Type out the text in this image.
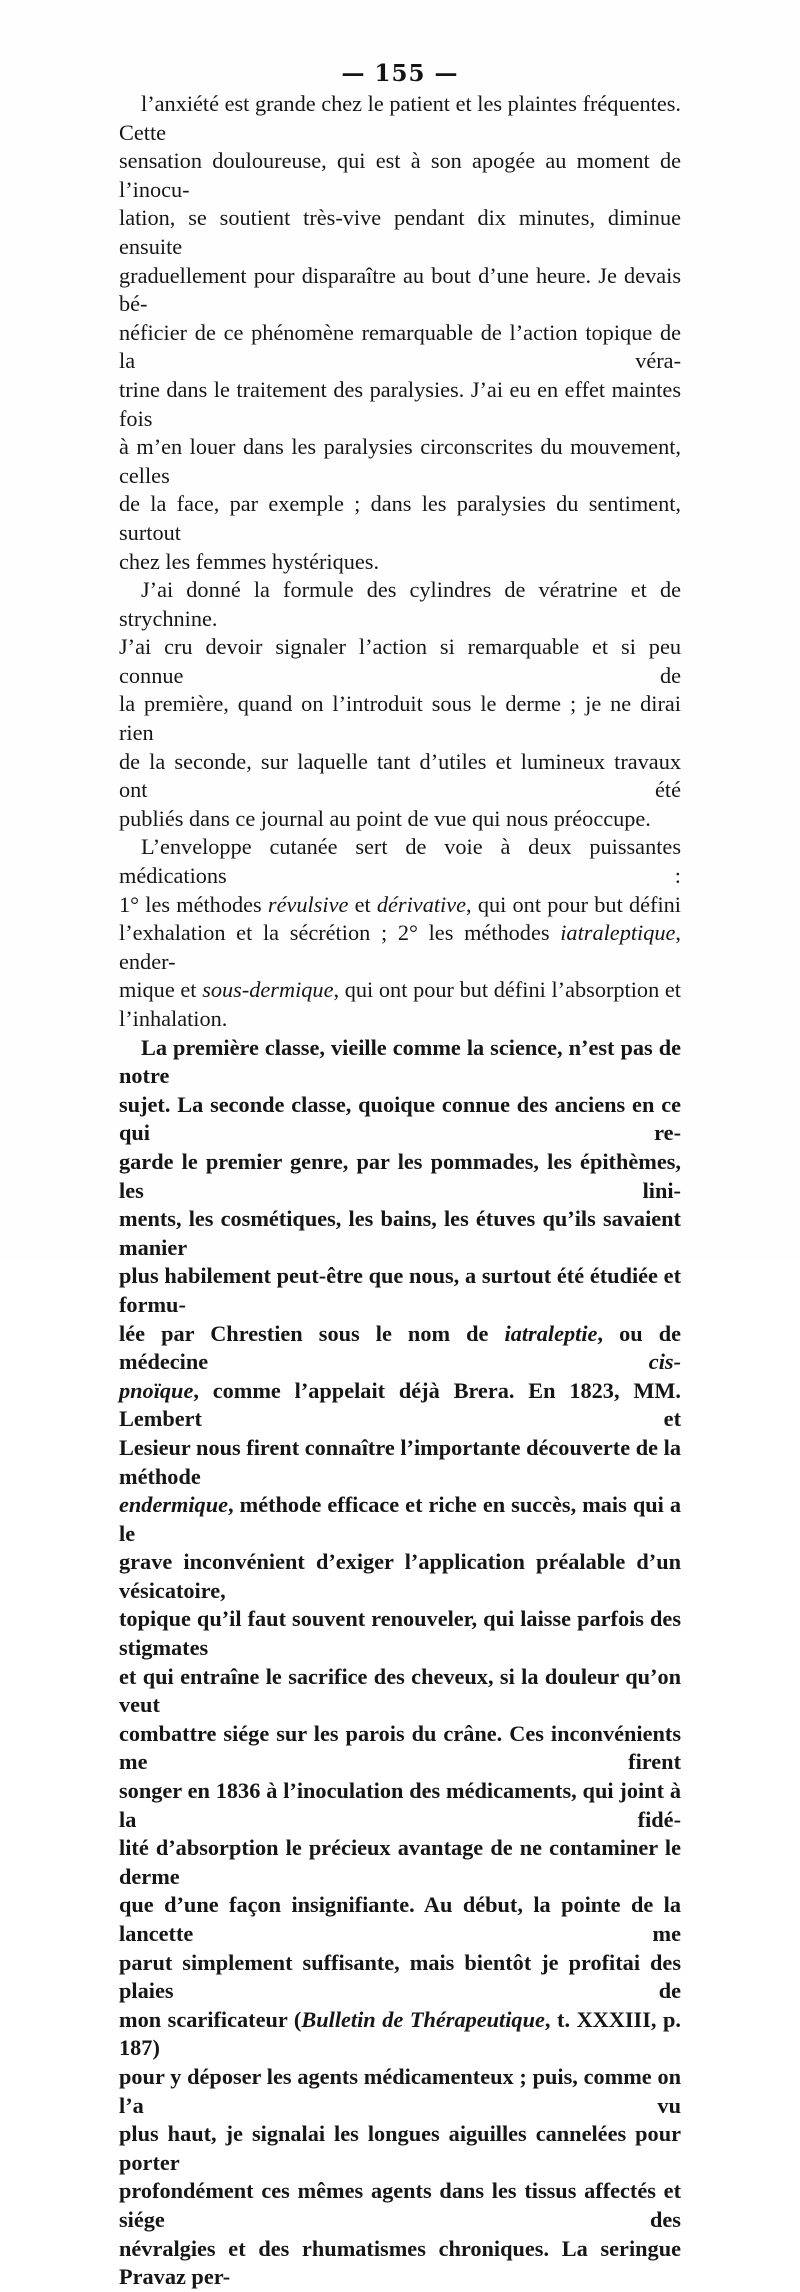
— 155 —

l’anxiété est grande chez le patient et les plaintes fréquentes. Cette

sensation douloureuse, qui est à son apogée au moment de l’inocu-

lation, se soutient très-vive pendant dix minutes, diminue ensuite

graduellement pour disparaître au bout d’une heure. Je devais bé-

néficier de ce phénomène remarquable de l’action topique de la véra-

trine dans le traitement des paralysies. J’ai eu en effet maintes fois

à m’en louer dans les paralysies circonscrites du mouvement, celles

de la face, par exemple ; dans les paralysies du sentiment, surtout

chez les femmes hystériques.

J’ai donné la formule des cylindres de vératrine et de strychnine.

J’ai cru devoir signaler l’action si remarquable et si peu connue de

la première, quand on l’introduit sous le derme ; je ne dirai rien

de la seconde, sur laquelle tant d’utiles et lumineux travaux ont été

publiés dans ce journal au point de vue qui nous préoccupe.

L’enveloppe cutanée sert de voie à deux puissantes médications :

1° les méthodes révulsive et dérivative, qui ont pour but défini

l’exhalation et la sécrétion ; 2° les méthodes iatraleptique, ender-

mique et sous-dermique, qui ont pour but défini l’absorption et

l’inhalation.

La première classe, vieille comme la science, n’est pas de notre

sujet. La seconde classe, quoique connue des anciens en ce qui re-

garde le premier genre, par les pommades, les épithèmes, les lini-

ments, les cosmétiques, les bains, les étuves qu’ils savaient manier

plus habilement peut-être que nous, a surtout été étudiée et formu-

lée par Chrestien sous le nom de iatraleptie, ou de médecine cis-

pnoïque, comme l’appelait déjà Brera. En 1823, MM. Lembert et

Lesieur nous firent connaître l’importante découverte de la méthode

endermique, méthode efficace et riche en succès, mais qui a le

grave inconvénient d’exiger l’application préalable d’un vésicatoire,

topique qu’il faut souvent renouveler, qui laisse parfois des stigmates

et qui entraîne le sacrifice des cheveux, si la douleur qu’on veut

combattre siége sur les parois du crâne. Ces inconvénients me firent

songer en 1836 à l’inoculation des médicaments, qui joint à la fidé-

lité d’absorption le précieux avantage de ne contaminer le derme

que d’une façon insignifiante. Au début, la pointe de la lancette me

parut simplement suffisante, mais bientôt je profitai des plaies de

mon scarificateur (Bulletin de Thérapeutique, t. XXXIII, p. 187)

pour y déposer les agents médicamenteux ; puis, comme on l’a vu

plus haut, je signalai les longues aiguilles cannelées pour porter

profondément ces mêmes agents dans les tissus affectés et siége des

névralgies et des rhumatismes chroniques. La seringue Pravaz per-
